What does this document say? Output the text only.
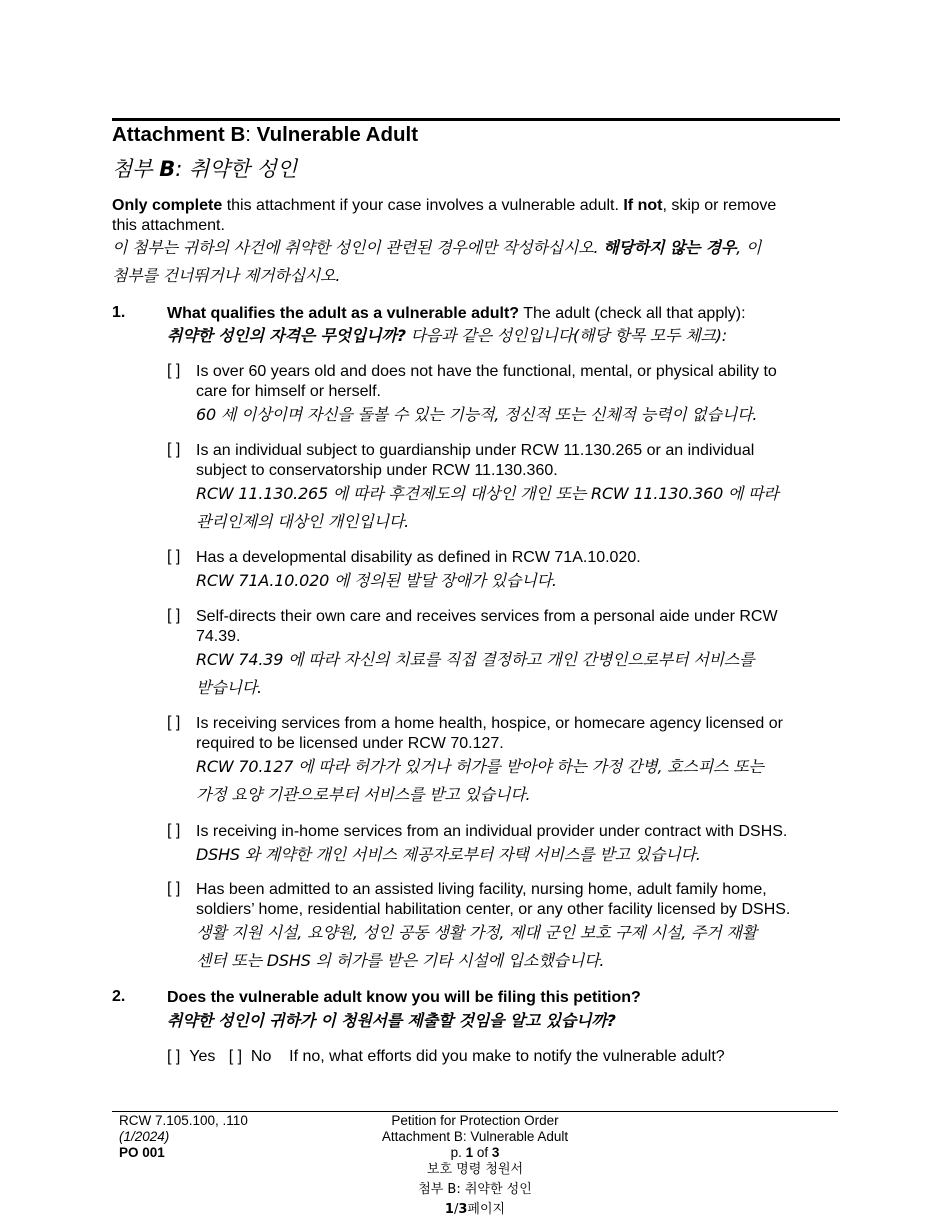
Attachment B: Vulnerable Adult
첨부 B: 취약한 성인
Only complete this attachment if your case involves a vulnerable adult. If not, skip or remove
this attachment.
이 첨부는 귀하의 사건에 취약한 성인이 관련된 경우에만 작성하십시오. 해당하지 않는 경우, 이
첨부를 건너뛰거나 제거하십시오.
1.	What qualifies the adult as a vulnerable adult? The adult (check all that apply):
취약한 성인의 자격은 무엇입니까? 다음과 같은 성인입니다(해당 항목 모두 체크):
[ ] Is over 60 years old and does not have the functional, mental, or physical ability to
care for himself or herself.
60 세 이상이며 자신을 돌볼 수 있는 기능적, 정신적 또는 신체적 능력이 없습니다.
[ ] Is an individual subject to guardianship under RCW 11.130.265 or an individual
subject to conservatorship under RCW 11.130.360.
RCW 11.130.265 에 따라 후견제도의 대상인 개인 또는 RCW 11.130.360 에 따라
관리인제의 대상인 개인입니다.
[ ] Has a developmental disability as defined in RCW 71A.10.020.
RCW 71A.10.020 에 정의된 발달 장애가 있습니다.
[ ] Self-directs their own care and receives services from a personal aide under RCW
74.39.
RCW 74.39 에 따라 자신의 치료를 직접 결정하고 개인 간병인으로부터 서비스를
받습니다.
[ ] Is receiving services from a home health, hospice, or homecare agency licensed or
required to be licensed under RCW 70.127.
RCW 70.127 에 따라 허가가 있거나 허가를 받아야 하는 가정 간병, 호스피스 또는
가정 요양 기관으로부터 서비스를 받고 있습니다.
[ ] Is receiving in-home services from an individual provider under contract with DSHS.
DSHS 와 계약한 개인 서비스 제공자로부터 자택 서비스를 받고 있습니다.
[ ] Has been admitted to an assisted living facility, nursing home, adult family home,
soldiers’ home, residential habilitation center, or any other facility licensed by DSHS.
생활 지원 시설, 요양원, 성인 공동 생활 가정, 제대 군인 보호 구제 시설, 주거 재활
센터 또는 DSHS 의 허가를 받은 기타 시설에 입소했습니다.
2.	Does the vulnerable adult know you will be filing this petition?
취약한 성인이 귀하가 이 청원서를 제출할 것임을 알고 있습니까?
[ ] Yes [ ] No If no, what efforts did you make to notify the vulnerable adult?
RCW 7.105.100, .110
(1/2024)
PO 001
Petition for Protection Order
Attachment B: Vulnerable Adult
p. 1 of 3
보호 명령 청원서
첨부 B: 취약한 성인
1/3페이지
